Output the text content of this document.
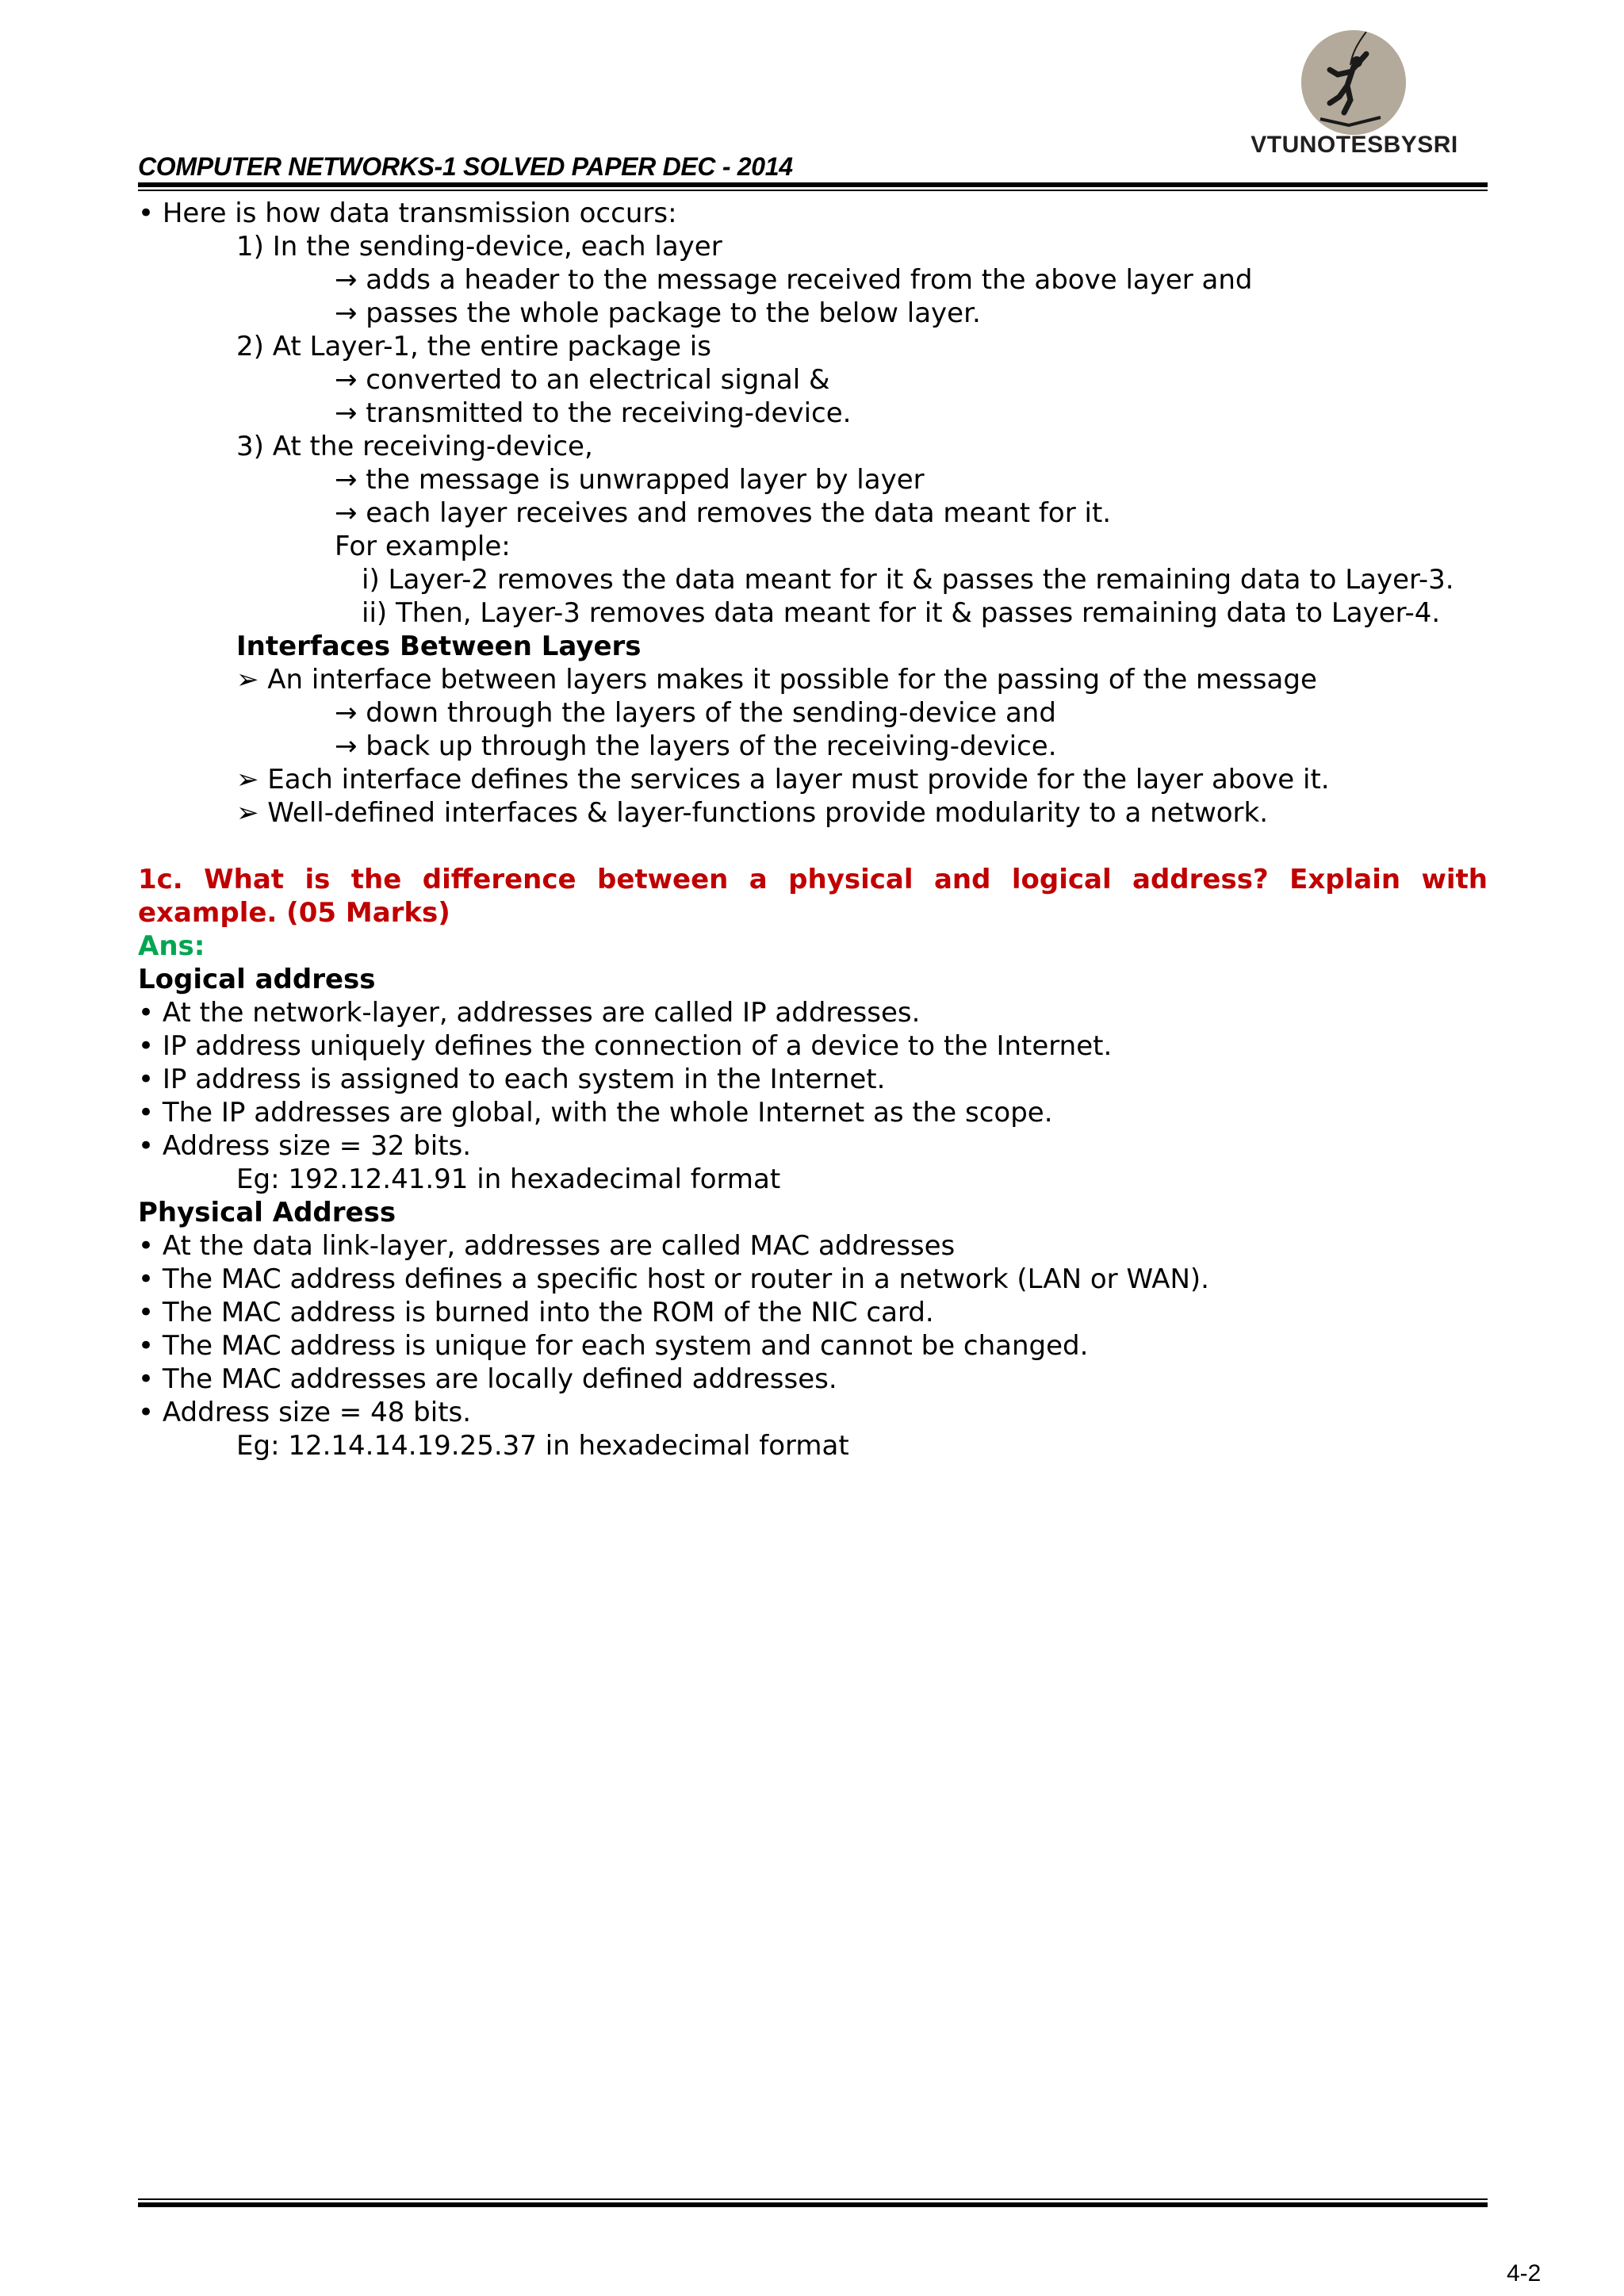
VTUNOTESBYSRI
COMPUTER NETWORKS-1 SOLVED PAPER DEC - 2014
• Here is how data transmission occurs:
1) In the sending-device, each layer
→ adds a header to the message received from the above layer and
→ passes the whole package to the below layer.
2) At Layer-1, the entire package is
→ converted to an electrical signal &
→ transmitted to the receiving-device.
3) At the receiving-device,
→ the message is unwrapped layer by layer
→ each layer receives and removes the data meant for it.
For example:
i) Layer-2 removes the data meant for it & passes the remaining data to Layer-3.
ii) Then, Layer-3 removes data meant for it & passes remaining data to Layer-4.
Interfaces Between Layers
➢ An interface between layers makes it possible for the passing of the message
→ down through the layers of the sending-device and
→ back up through the layers of the receiving-device.
➢ Each interface defines the services a layer must provide for the layer above it.
➢ Well-defined interfaces & layer-functions provide modularity to a network.
1c. What is the difference between a physical and logical address? Explain with
example. (05 Marks)
Ans:
Logical address
• At the network-layer, addresses are called IP addresses.
• IP address uniquely defines the connection of a device to the Internet.
• IP address is assigned to each system in the Internet.
• The IP addresses are global, with the whole Internet as the scope.
• Address size = 32 bits.
Eg: 192.12.41.91 in hexadecimal format
Physical Address
• At the data link-layer, addresses are called MAC addresses
• The MAC address defines a specific host or router in a network (LAN or WAN).
• The MAC address is burned into the ROM of the NIC card.
• The MAC address is unique for each system and cannot be changed.
• The MAC addresses are locally defined addresses.
• Address size = 48 bits.
Eg: 12.14.14.19.25.37 in hexadecimal format
4-2
